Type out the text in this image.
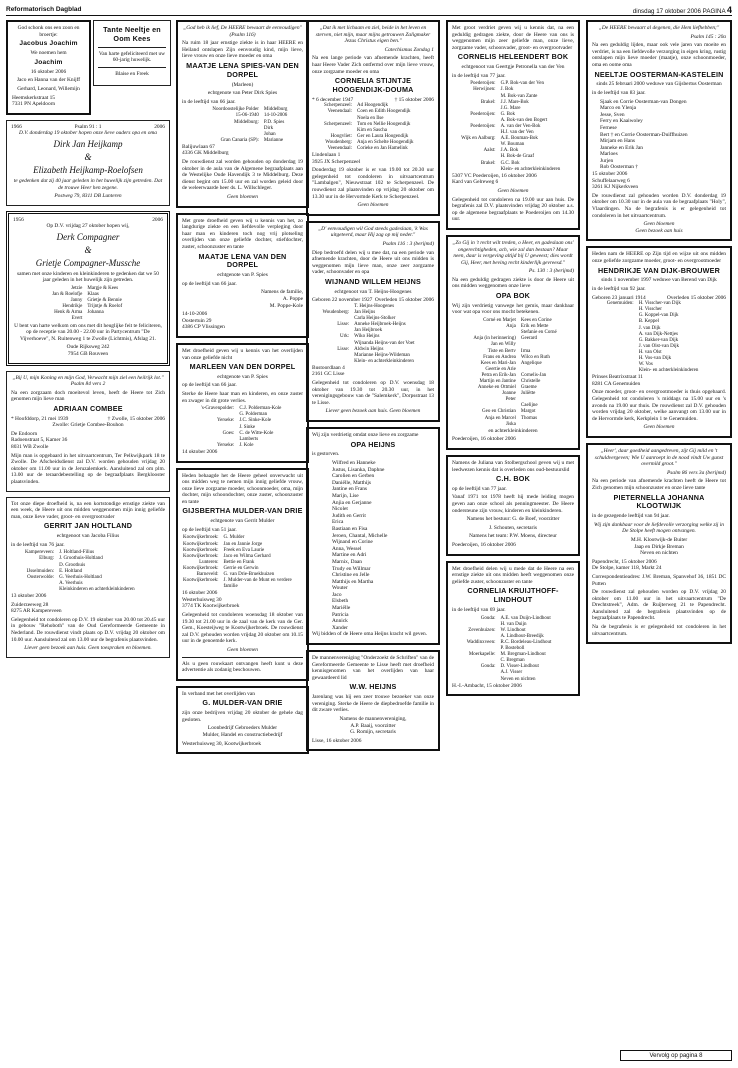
Reformatorisch Dagblad	dinsdag 17 oktober 2006 PAGINA 4

God schonk ons een zoon en broertje:

Jacobus Joachim

We noemen hem

Joachim

16 oktober 2006

Jaco en Hanna van der Knijff

Gerhard, Leonard, Willemijn

Heemskerkstraat 15
7331 PN Apeldoorn

1966	Psalm 91 : 1	2006

D.V. donderdag 19 oktober hopen onze lieve ouders opa en oma

Dirk Jan Heijkamp
&
Elizabeth Heijkamp-Roelofsen

te gedenken dat zij 40 jaar geleden in het huwelijk zijn getreden. Dat de trouwe Heer hen zegene.

Postweg 79, 8311 DB Lunteren

1956	2006

Op D.V. vrijdag 27 oktober hopen wij,

Derk Compagner
&
Grietje Compagner-Mussche

samen met onze kinderen en kleinkinderen te gedenken dat we 50 jaar geleden in het huwelijk zijn getreden.

Jetzie	Margje & Kees
Jan & Roelofje	Klaas
Janny	Grietje & Bennie
Hendrikje	Trijntje & Roelof
Henk & Arma	Johanna
Evert	

U bent van harte welkom om ons met dit heuglijke feit te feliciteren, op de receptie van 20.00 - 22.00 uur in Partycentrum "De Vijverhoeve", N. Ruitenweg 1 te Zwolle (Lichtmis), Afslag 21.

Oude Rijksweg 242
7954 GB Rouveen

„Bij U, mijn Koning en mijn God, Verwacht mijn ziel een heilrijk lot." Psalm 84 vers 2

Na een zorgzaam doch moeitevol leven, heeft de Heere tot Zich genomen mijn lieve man

ADRIAAN COMBEE
* Hoofddorp, 21 mei 1939	† Zwolle, 15 oktober 2006

Zwolle: Grietje Combee-Bouhon

De Endoorn
Radoenstraat 5, Kamer 36
8031 WB Zwolle

Mijn man is opgebaard in het uitvaartcentrum, Ter Pelkwijkpark 18 te Zwolle. De Afscheidsdienst zal D.V. worden gehouden vrijdag 20 oktober om 11.00 uur in de Jeruzalemkerk. Aansluitend zal om plm. 13.00 uur de teraardebestelling op de begraafplaats Bergklooster plaatsvinden.

Tot onze diepe droefheid is, na een kortstondige ernstige ziekte van een week, de Heere uit ons midden weggenomen mijn innig geliefde man, onze lieve vader, groot- en overgrootvader

GERRIT JAN HOLTLAND

echtgenoot van Jacoba Filius

in de leeftijd van 76 jaar.

Kampereveen:	J. Holtland-Filius
Elburg:	J. Groothuis-Holtland
	D. Groothuis
IJsselmuiden:	E. Holtland
Oosterwolde:	G. Veerhuis-Holtland
	A. Veerhuis
	Kleinkinderen en achterkleinkinderen

13 oktober 2006

Zuiderzeeweg 28
8275 AR Kampereveen

Gelegenheid tot condoleren op D.V. 19 oktober van 20.00 tot 20.45 uur in gebouw "Rehoboth" van de Oud Gereformeerde Gemeente in Nederland. De rouwdienst vindt plaats op D.V. vrijdag 20 oktober om 10.00 uur. Aansluitend zal om 13.00 uur de begrafenis plaatsvinden.

Liever geen bezoek aan huis. Geen toespraken en bloemen.

Tante Neeltje en Oom Kees

Van harte gefeliciteerd met uw 60-jarig huwelijk.

Blaise en Freek

„God heb ik lief, De HEERE bewaart de eenvoudigen" (Psalm 116)

Na ruim 18 jaar ernstige ziekte is in haar HEERE en Heiland ontslapen Zijn eenvoudig kind, mijn lieve, lieve vrouw en onze lieve moeder en oma

MAATJE LENA SPIES-VAN DEN DORPEL

(Marleen)

echtgenote van Peter Dirk Spies

in de leeftijd van 66 jaar.

Noordoostelijke Polder	Middelburg
15-06-1940	14-10-2006
Middelburg:	P.D. Spies
	Dirk
	Johan
Gran Canaria (SP):	Marianne

Balijuwlaan 67
4336 GK Middelburg

De rouwdienst zal worden gehouden op donderdag 19 oktober in de aula van de Algemene begraafplaats aan de Westelijke Oude Havendijk 3 te Middelburg. Deze dienst begint om 15.00 uur en zal worden geleid door de weleerwaarde heer ds. L. Willschleger.

Geen bloemen

Met grote droefheid geven wij u kennis van het, zo langdurige ziekte en een liefdevolle verpleging door haar man en kinderen toch nog vrij plotseling overlijden van onze geliefde dochter, stiefdochter, zuster, schoonzuster en tante

MAATJE LENA VAN DEN DORPEL

echtgenote van P. Spies

op de leeftijd van 66 jaar.

Namens de familie,
A. Poppe
M. Poppe-Kole

14-10-2006
Oostertuin 29
4386 CP Vlissingen

Met droefheid geven wij u kennis van het overlijden van onze geliefde nicht

MARLEEN VAN DEN DORPEL

echtgenote van P. Spies

op de leeftijd van 66 jaar.

Sterke de Heere haar man en kinderen, en onze zuster en zwager in dit grote verlies.

's-Gravenpolder:	C.J. Polderman-Kole
	G. Polderman
Yerseke:	J.C. Sinke-Kole
	J. Sinke
Goes:	C. de Witte-Kole
	Lamberts
Yerseke:	J. Kole

14 oktober 2006

Heden behaagde het de Heere geheel onverwacht uit ons midden weg te nemen mijn innig geliefde vrouw, onze lieve zorgzame moeder, schoonmoeder, oma, mijn dochter, mijn schoondochter, onze zuster, schoonzuster en tante

GIJSBERTHA MULDER-VAN DRIE

echtgenote van Gerrit Mulder

op de leeftijd van 51 jaar.

Kootwijkerbroek:	G. Mulder
Kootwijkerbroek:	Jan en Jannie Jorge
Kootwijkerbroek:	Freek en Eva Laurie
Kootwijkerbroek:	Jaco en Wilma Gerhard
Lunteren:	Bettie en Frank
Kootwijkerbroek:	Gerrie en Gerwin
Barneveld:	G. van Drie-Bruekhuizen
Kootwijkerbroek:	J. Mulder-van de Munt en verdere familie

16 oktober 2006
Westerhuisweg 30
3774 TK Kootwijkerbroek

Gelegenheid tot condoleren woensdag 18 oktober van 19.30 tot 21.00 uur in de zaal van de kerk van de Ger. Gem., Koesteijweg te Kootwijkerbroek. De rouwdienst zal D.V. gehouden worden vrijdag 20 oktober om 10.15 uur in de genoemde kerk.

Geen bloemen

Als u geen rouwkaart ontvangen heeft kunt u deze advertentie als zodanig beschouwen.

In verband met het overlijden van

G. MULDER-VAN DRIE

zijn onze bedrijven vrijdag 20 oktober de gehele dag gesloten.

Loonbedrijf Gebroeders Mulder
Mulder, Handel en constructiebedrijf

Westerhuisweg 30, Kootwijkerbroek

„Dat ik met lichaam en ziel, beide in het leven en sterven, niet mijn, maar mijns getrouwen Zaligmaker Jezus Christus eigen ben."

Catechismus Zondag 1

Na een lange periode van afnemende krachten, heeft haar Heere Vader Zich ontfermd over mijn lieve vrouw, onze zorgzame moeder en oma

CORNELIA STIJNTJE HOOGENDIJK-DOUMA
* 6 december 1947	† 15 oktober 2006
Scherpenzeel:	Ad Hoogendijk
Veenendaal:	Coen en Edith Hoogendijk
	Noela en Ilse
Scherpenzeel:	Tom en Nellie Hoogendijk
	Kim en Sascha
Hoogvliet:	Ger en Laura Hoogendijk
Woudenberg:	Anja en Schelte Hoogendijk
Veenendaal:	Corieke en Jan Hamelink

Lindenlaan 1
3925 JX Scherpenzeel

Donderdag 19 oktober is er van 19.00 tot 20.30 uur gelegenheid tot condoleren in uitvaartcentrum "Lambalgen", Nieuwstraat 102 te Scherpenzeel. De rouwdienst zal plaatsvinden op vrijdag 20 oktober om 13.30 uur in de Hervormde Kerk te Scherpenzeel.

Geen bloemen

„D' eenvoudigen wil God steeds gadeslaan, 'k Was uitgeteerd, maar Hij zag op mij neder."

Psalm 116 : 3 (berijmd)

Diep bedroefd delen wij u mee dat, na een periode van afnemende krachten, door de Heere uit ons midden is weggenomen mijn lieve man, onze zeer zorgzame vader, schoonvader en opa

WIJNAND WILLEM HEIJNS

echtgenoot van T. Heijns-Hoogenes

Geboren 22 november 1927 Overleden 15 oktober 2006
	T. Heijns-Hoogenes
Woudenberg:	Jan Heijns
	Carla Heijns-Stolker
Lisse:	Anneke Heijbroek-Heijns
	Jan Heijbroek
Urk:	Wiko Heijns
	Wijnanda Heijns-van der Voet
Lisse:	Aldwin Heijns
	Marianne Heijns-Wildeman
	Klein- en achterkleinkinderen

Bustoordlaan 4
2161 GC Lisse

Gelegenheid tot condoleren op D.V. woensdag 18 oktober van 19.30 tot 20.30 uur, in het verenigingsgebouw van de "Salemkerk", Dorpsstraat 13 te Lisse.

Liever geen bezoek aan huis. Geen bloemen

Wij zijn verdrietig omdat onze lieve en zorgzame

OPA HEIJNS

is gestorven.

Wilfred en Hanneke
Justus, Lisanka, Daphne
Carolien en Gerben
Daniëlle, Matthijs
Jantine en Frans
Marijn, Lise
Anjia en Gerjanne
Nicolet
Judith en Gerrit
Erica
Bastiaan en Fisa
Jeroen, Chantal, Michelle
Wijnand en Corine
Anna, Wessel
Martine en Adri
Marnix, Daan
Trudy en Willmar
Christine en Jelle
Matthijs en Martha
Wouter
Jaco
Elsbeth
Mariëlle
Patricia
Annick
Xander

Wij bidden of de Heere oma Heijns kracht wil geven.

De mannenvereniging "Onderzoekt de Schriften" van de Gereformeerde Gemeente te Lisse heeft met droefheid kennisgenomen van het overlijden van haar gewaardeerd lid

W.W. HEIJNS

Jarenlang was hij een zeer trouwe bezoeker van onze vereniging. Sterke de Heere de diepbedroefde familie in dit zware verlies.

Namens de mannenvereniging,
A.P. Baaij, voorzitter
G. Romijn, secretaris

Lisse, 16 oktober 2006

Met groot verdriet geven wij u kennis dat, na een geduldig gedragen ziekte, door de Heere van ons is weggenomen mijn zeer geliefde man, onze lieve, zorgzame vader, schoonvader, groot- en overgrootvader

CORNELIS HELEENDERT BOK

echtgenoot van Geertgje Petronella van der Ven

in de leeftijd van 77 jaar.

Poederoijen:	G.P. Bok-van der Ven
Herwijnen:	J. Bok
	M. Bok-van Zante
Brakel:	J.J. Mare-Bok
	J.G. Mare
Poederoijen:	G. Bok
	A. Bok-van den Bogert
Poederoijen:	A. van der Ven-Bok
	H.J. van der Ven
Wijk en Aalburg:	A.E. Bouman-Bok
	W. Bouman
Aalst:	J.A. Bok
	H. Bok-de Graaf
Brakel:	G.C. Bok
	Klein- en achterkleinkinderen

5307 VC Poederoijen, 16 oktober 2006
Kard van Gelreweg 6

Geen bloemen

Gelegenheid tot condoleren na 19.00 uur aan huis. De begrafenis zal D.V. plaatsvinden vrijdag 20 oktober a.s. op de algemene begraafplaats te Poederoijen om 14.30 uur.

„Zo Gij in 't recht wilt treden, o Heer, en gadeslaan ons' ongerechtigheden, ach, wie zal dan bestaan? Maar neen, daar is vergeving altijd bij U geweest; dies wordt Gij, Heer, met beving recht kinderlijk gevreesd."

Ps. 130 : 3 (berijmd)

Na een geduldig gedragen ziekte is door de Heere uit ons midden weggenomen onze lieve

OPA BOK

Wij zijn verdrietig vanwege het gemis, maar dankbaar voor wat opa voor ons mocht betekenen.

Corné en Marjet	Kees en Corine
Anja	Erik en Mette
	Stefanie en Corné
Anja (in herinnering)	Geerard
Jan en Willy	
Tiste en Bertv	Irma
Frans en Andrea	Wilco en Ruth
Kees en Mari-Jan	Angelique
Geertie en Arie	
Petra en Erik-Jan	Cornelis-Jan
Martijn en Jantine	Christelle
Anneke en Ottmiel	Graeme
Joanne	Juliëtte
Peter	
	Caelijne
Geo en Christian	Margot
Anja en Marcel	Thomas
Jiska	

en achterkleinkinderen

Poederoijen, 16 oktober 2006

Namens de Juliana van Stolbergschool geven wij u met leedwezen kennis dat is overleden ons oud-bestuurslid

C.H. BOK

op de leeftijd van 77 jaar.

Vanaf 1971 tot 1978 heeft hij mede leiding mogen geven aan onze school als penningmeester. De Heere ondersteune zijn vrouw, kinderen en kleinkinderen.

Namens het bestuur: G. de Boef, voorzitter

J. Schouten, secretaris

Namens het team: P.W. Moens, directeur

Poederoijen, 16 oktober 2006

Met droefheid delen wij u mede dat de Heere na een ernstige ziekte uit ons midden heeft weggenomen onze geliefde zuster, schoonzuster en tante

CORNELIA KRUIJTHOFF-LINDHOUT

in de leeftijd van 69 jaar.

Gouda:	A.E. van Duijn-Lindhout
	H. van Duijn
Zevenhuizen:	W. Lindhout
	A. Lindhout-Breedijk
Waddinxveen:	R.C. Bordeleau-Lindhout
	P. Bosteboll
Moerkapelle:	M. Bregman-Lindhout
	C. Bregman
Gouda:	D. Visser-Lindhout
	A.J. Visser
	Neven en nichten

H.-I.-Ambacht, 15 oktober 2006

„De HEERE bewaart al degenen, die Hem liefhebben;"

Psalm 145 : 20a

Na een geduldig lijden, maar ook vele jaren van moeite en verdriet, is na een liefdevolle verzorging in eigen kring, rustig ontslapen mijn lieve moeder (maatje), onze schoonmoeder, oma en oome oma

NEELTJE OOSTERMAN-KASTELEIN

sinds 25 februari 2000 weduwe van Gijsbertus Oosterman

in de leeftijd van 83 jaar.

Sjaak en Corrie Oosterman-van Dongen
Marco en Ylenja
Jesse, Sven
Ferry en Kaaiwoley
Fernese
Bert † en Corrie Oosterman-Duiffhuizen
Mirjam en Hans
Janneke en Erik Jan
Marloes
Jurjen
Rob Oosterman †

15 oktober 2006
Schuffelaarweg 6
3261 KJ Nijkerkveen

De rouwdienst zal gehouden worden D.V. donderdag 19 oktober om 10.30 uur in de aula van de begraafplaats "Holy", Vlaardingen. Na de begrafenis is er gelegenheid tot condoleren in het uitvaartcentrum.

Geen bloemen
Geen bezoek aan huis

Heden nam de HEERE op Zijn tijd en wijze uit ons midden onze geliefde zorgzame moeder, groot- en overgrootmoeder

HENDRIKJE VAN DIJK-BROUWER

sinds 1 november 1997 weduwe van Berend van Dijk

in de leeftijd van 92 jaar.

Geboren 23 januari 1914	Overleden 15 oktober 2006
Genemuiden:	H. Visscher-van Dijk
	H. Visscher
	G. Koppel-van Dijk
	B. Keppel
	J. van Dijk
	A. van Dijk-Nettjes
	G. Bakker-van Dijk
	J. van Olst-van Dijk
	H. van Olst
	H. Vos-van Dijk
	W. Vos
	Klein- en achterkleinkinderen

Prinses Beatrixstraat 11
8281 CA Genemuiden

Onze moeder, groot- en overgrootmoeder is thuis opgebaard. Gelegenheid tot condoleren 's middags na 15.00 uur en 's avonds na 19.00 uur thuis. De rouwdienst zal D.V. gehouden worden vrijdag 20 oktober, welke aanvangt om 13.00 uur in de Hervormde kerk, Kerkplein 1 te Genemuiden.

Geen bloemen

„Heer', daar goedheid aangedreven, zijt Gij mild en 't schuldvergeven; Wie U aanroept in de nood vindt Uw gunst overmild groot."

Psalm 86 vers 3a (berijmd)

Na een periode van afnemende krachten heeft de Heere tot Zich genomen mijn schoonzuster en onze lieve tante

PIETERNELLA JOHANNA KLOOTWIJK

in de gezegende leeftijd van 94 jaar.

Wij zijn dankbaar voor de liefdevolle verzorging welke zij in De Stolpe heeft mogen ontvangen.

M.H. Klootwijk-de Buiter
Jaap en Dirkje Breman
Neven en nichten

Papendrecht, 15 oktober 2006
De Stolpe, kamer 118, Markt 24

Correspondentieadres: J.W. Breman, Spanvehof 36, 1851 DC Putten

De rouwdienst zal gehouden worden op D.V. vrijdag 20 oktober om 11.00 uur in het uitvaartcentrum "De Drechtstreek", Adm. de Ruijterweg 21 te Papendrecht. Aansluitend zal de begrafenis plaatsvinden op de begraafplaats te Papendrecht.

Na de begrafenis is er gelegenheid tot condoleren in het uitvaartcentrum.

Vervolg op pagina 8
